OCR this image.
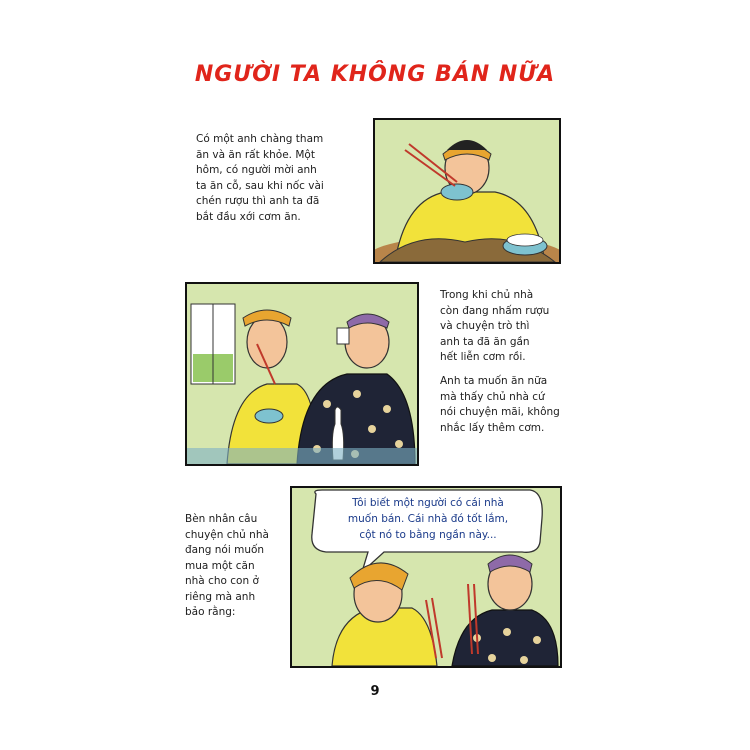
NGƯỜI TA KHÔNG BÁN NỮA
Có một anh chàng tham
ăn và ăn rất khỏe. Một
hôm, có người mời anh
ta ăn cỗ, sau khi nốc vài
chén rượu thì anh ta đã
bắt đầu xới cơm ăn.
Trong khi chủ nhà
còn đang nhấm rượu
và chuyện trò thì
anh ta đã ăn gần
hết liễn cơm rồi.
Anh ta muốn ăn nữa
mà thấy chủ nhà cứ
nói chuyện mãi, không
nhắc lấy thêm cơm.
Bèn nhân câu
chuyện chủ nhà
đang nói muốn
mua một căn
nhà cho con ở
riêng mà anh
bảo rằng:
Tôi biết một người có cái nhà
muốn bán. Cái nhà đó tốt lắm,
cột nó to bằng ngần này...
9
